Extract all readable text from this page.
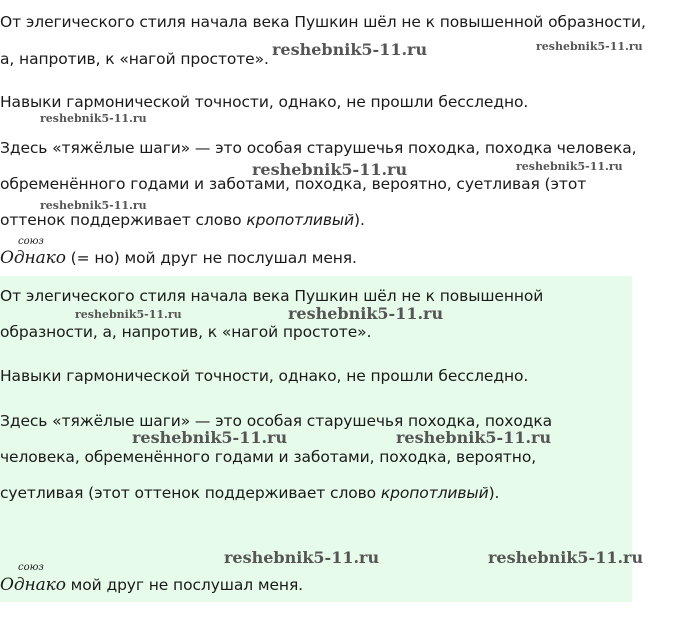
От элегического стиля начала века Пушкин шёл не к повышенной образности,
а, напротив, к «нагой простоте».
Навыки гармонической точности, однако, не прошли бесследно.
Здесь «тяжёлые шаги» — это особая старушечья походка, походка человека,
обременённого годами и заботами, походка, вероятно, суетливая (этот
оттенок поддерживает слово кропотливый).
союз
Однако (= но) мой друг не послушал меня.
От элегического стиля начала века Пушкин шёл не к повышенной
образности, а, напротив, к «нагой простоте».
Навыки гармонической точности, однако, не прошли бесследно.
Здесь «тяжёлые шаги» — это особая старушечья походка, походка
человека, обременённого годами и заботами, походка, вероятно,
суетливая (этот оттенок поддерживает слово кропотливый).
союз
Однако мой друг не послушал меня.
reshebnik5-11.ru	reshebnik5-11.ru
reshebnik5-11.ru
reshebnik5-11.ru	reshebnik5-11.ru
reshebnik5-11.ru
reshebnik5-11.ru	reshebnik5-11.ru
reshebnik5-11.ru	reshebnik5-11.ru
reshebnik5-11.ru	reshebnik5-11.ru
